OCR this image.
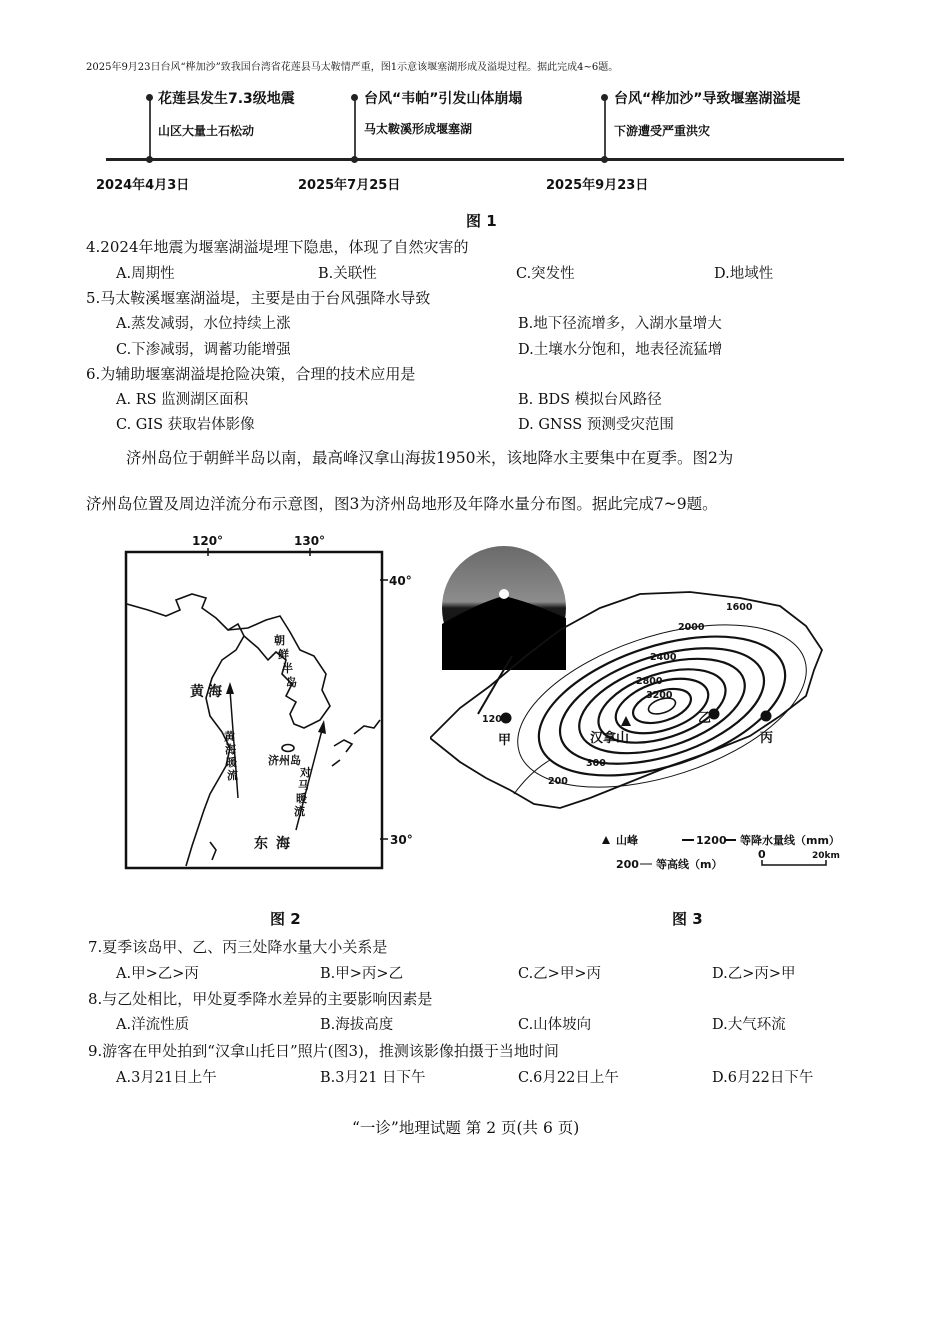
2025年9月23日台风“桦加沙”致我国台湾省花莲县马太鞍情严重，图1示意该堰塞湖形成及溢堤过程。据此完成4~6题。
花莲县发生7.3级地震
山区大量土石松动
2024年4月3日
台风“韦帕”引发山体崩塌
马太鞍溪形成堰塞湖
2025年7月25日
台风“桦加沙”导致堰塞湖溢堤
下游遭受严重洪灾
2025年9月23日
图 1
4.2024年地震为堰塞湖溢堤埋下隐患，体现了自然灾害的
A.周期性	B.关联性	C.突发性	D.地域性
5.马太鞍溪堰塞湖溢堤，主要是由于台风强降水导致
A.蒸发减弱，水位持续上涨	B.地下径流增多，入湖水量增大
C.下渗减弱，调蓄功能增强	D.土壤水分饱和，地表径流猛增
6.为辅助堰塞湖溢堤抢险决策，合理的技术应用是
A. RS 监测湖区面积	B. BDS 模拟台风路径
C. GIS 获取岩体影像	D. GNSS 预测受灾范围
济州岛位于朝鲜半岛以南，最高峰汉拿山海拔1950米，该地降水主要集中在夏季。图2为
济州岛位置及周边洋流分布示意图，图3为济州岛地形及年降水量分布图。据此完成7~9题。
120°	130°
40°
30°
黄 海
东 海
朝
鲜
半
岛
黄
海
暖
流
济州岛
对
马
暖
流
图 2
甲
乙
丙
汉拿山
1600
2000
2400
2800
3200
1200
300
200
山峰	1200 等降水量线（mm）
200 等高线（m）
0	20km
图 3
7.夏季该岛甲、乙、丙三处降水量大小关系是
A.甲>乙>丙	B.甲>丙>乙	C.乙>甲>丙	D.乙>丙>甲
8.与乙处相比，甲处夏季降水差异的主要影响因素是
A.洋流性质	B.海拔高度	C.山体坡向	D.大气环流
9.游客在甲处拍到“汉拿山托日”照片(图3)，推测该影像拍摄于当地时间
A.3月21日上午	B.3月21 日下午	C.6月22日上午	D.6月22日下午
“一诊”地理试题 第 2 页(共 6 页)
